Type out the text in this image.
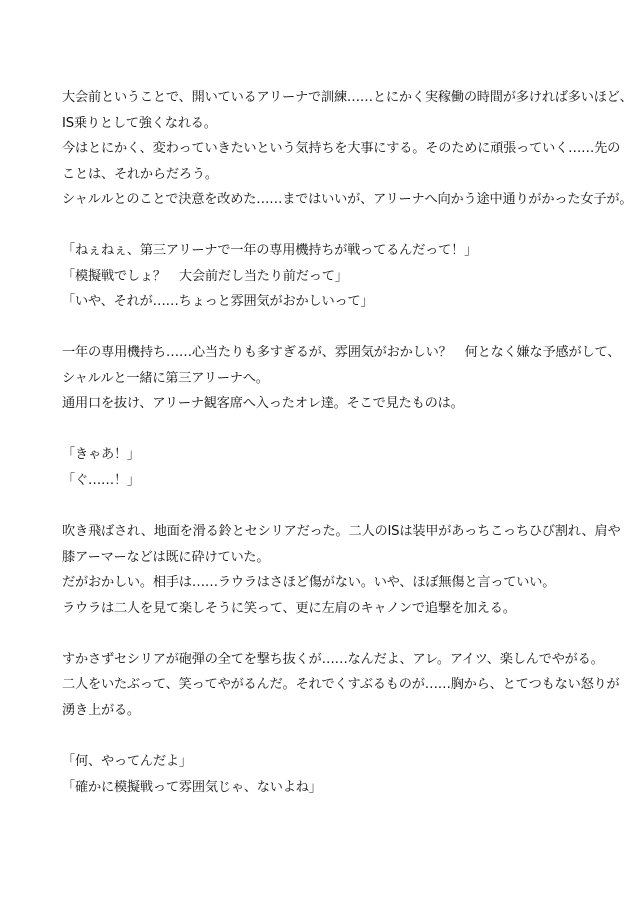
大会前ということで、開いているアリーナで訓練……とにかく実稼働の時間が多ければ多いほど、
IS乗りとして強くなれる。
今はとにかく、変わっていきたいという気持ちを大事にする。そのために頑張っていく……先の
ことは、それからだろう。
シャルルとのことで決意を改めた……まではいいが、アリーナへ向かう途中通りがかった女子が。
「ねぇねぇ、第三アリーナで一年の専用機持ちが戦ってるんだって！」
「模擬戦でしょ？　大会前だし当たり前だって」
「いや、それが……ちょっと雰囲気がおかしいって」
一年の専用機持ち……心当たりも多すぎるが、雰囲気がおかしい？　何となく嫌な予感がして、
シャルルと一緒に第三アリーナへ。
通用口を抜け、アリーナ観客席へ入ったオレ達。そこで見たものは。
「きゃあ！」
「ぐ……！」
吹き飛ばされ、地面を滑る鈴とセシリアだった。二人のISは装甲があっちこっちひび割れ、肩や
膝アーマーなどは既に砕けていた。
だがおかしい。相手は……ラウラはさほど傷がない。いや、ほぼ無傷と言っていい。
ラウラは二人を見て楽しそうに笑って、更に左肩のキャノンで追撃を加える。
すかさずセシリアが砲弾の全てを撃ち抜くが……なんだよ、アレ。アイツ、楽しんでやがる。
二人をいたぶって、笑ってやがるんだ。それでくすぶるものが……胸から、とてつもない怒りが
湧き上がる。
「何、やってんだよ」
「確かに模擬戦って雰囲気じゃ、ないよね」
